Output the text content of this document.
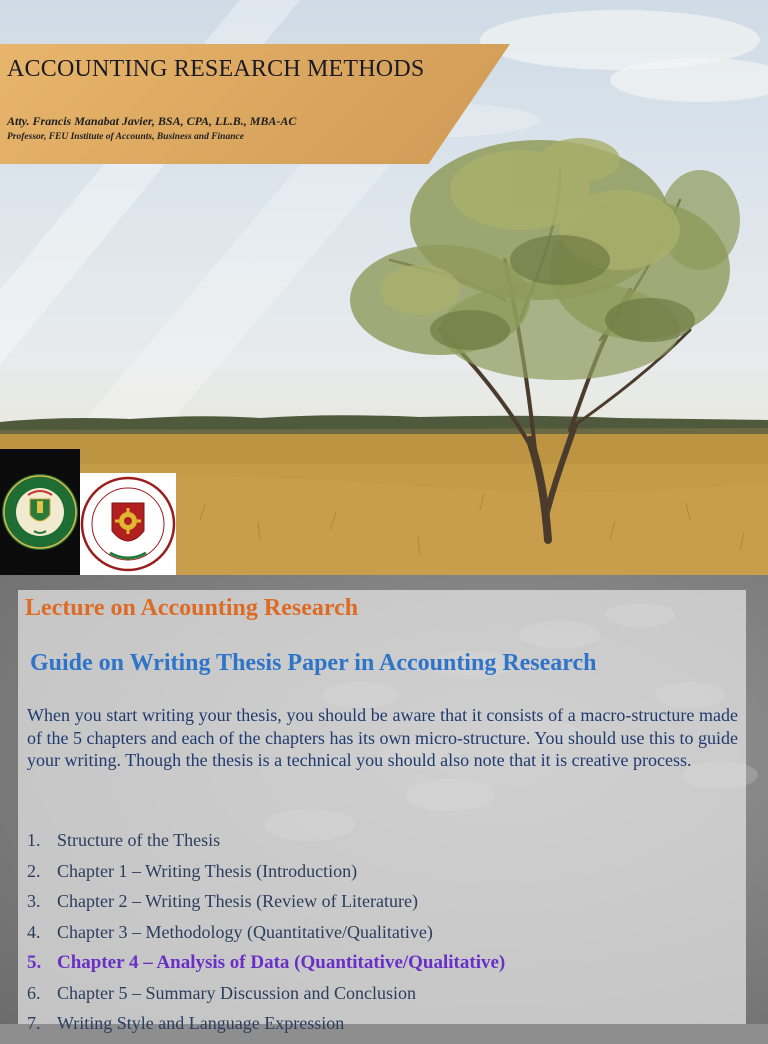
ACCOUNTING RESEARCH METHODS
Atty. Francis Manabat Javier, BSA, CPA, LL.B., MBA-AC
Professor, FEU Institute of Accounts, Business and Finance
Lecture on Accounting Research
Guide on Writing Thesis Paper in Accounting Research

When you start writing your thesis, you should be aware that it consists of a macro-structure made of the 5 chapters and each of the chapters has its own micro-structure. You should use this to guide your writing. Though the thesis is a technical you should also note that it is creative process.

1. Structure of the Thesis
2. Chapter 1 – Writing Thesis (Introduction)
3. Chapter 2 – Writing Thesis (Review of Literature)
4. Chapter 3 – Methodology (Quantitative/Qualitative)
5. Chapter 4 – Analysis of Data (Quantitative/Qualitative)
6. Chapter 5 – Summary Discussion and Conclusion
7. Writing Style and Language Expression
